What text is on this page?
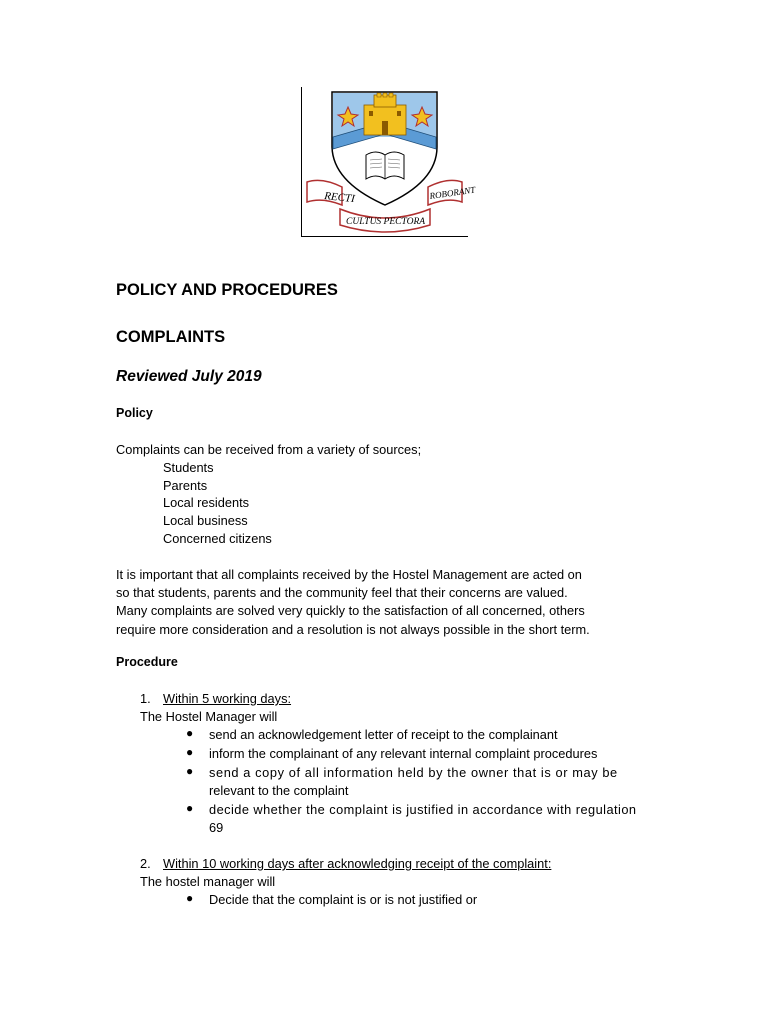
RECTI	ROBORANT
CULTUS PECTORA
POLICY AND PROCEDURES
COMPLAINTS
Reviewed July 2019
Policy
Complaints can be received from a variety of sources;
Students
Parents
Local residents
Local business
Concerned citizens
It is important that all complaints received by the Hostel Management are acted on
so that students, parents and the community feel that their concerns are valued.
Many complaints are solved very quickly to the satisfaction of all concerned, others
require more consideration and a resolution is not always possible in the short term.
Procedure
1. Within 5 working days:
The Hostel Manager will
● send an acknowledgement letter of receipt to the complainant
● inform the complainant of any relevant internal complaint procedures
● send a copy of all information held by the owner that is or may be
relevant to the complaint
● decide whether the complaint is justified in accordance with regulation
69
2. Within 10 working days after acknowledging receipt of the complaint:
The hostel manager will
● Decide that the complaint is or is not justified or
